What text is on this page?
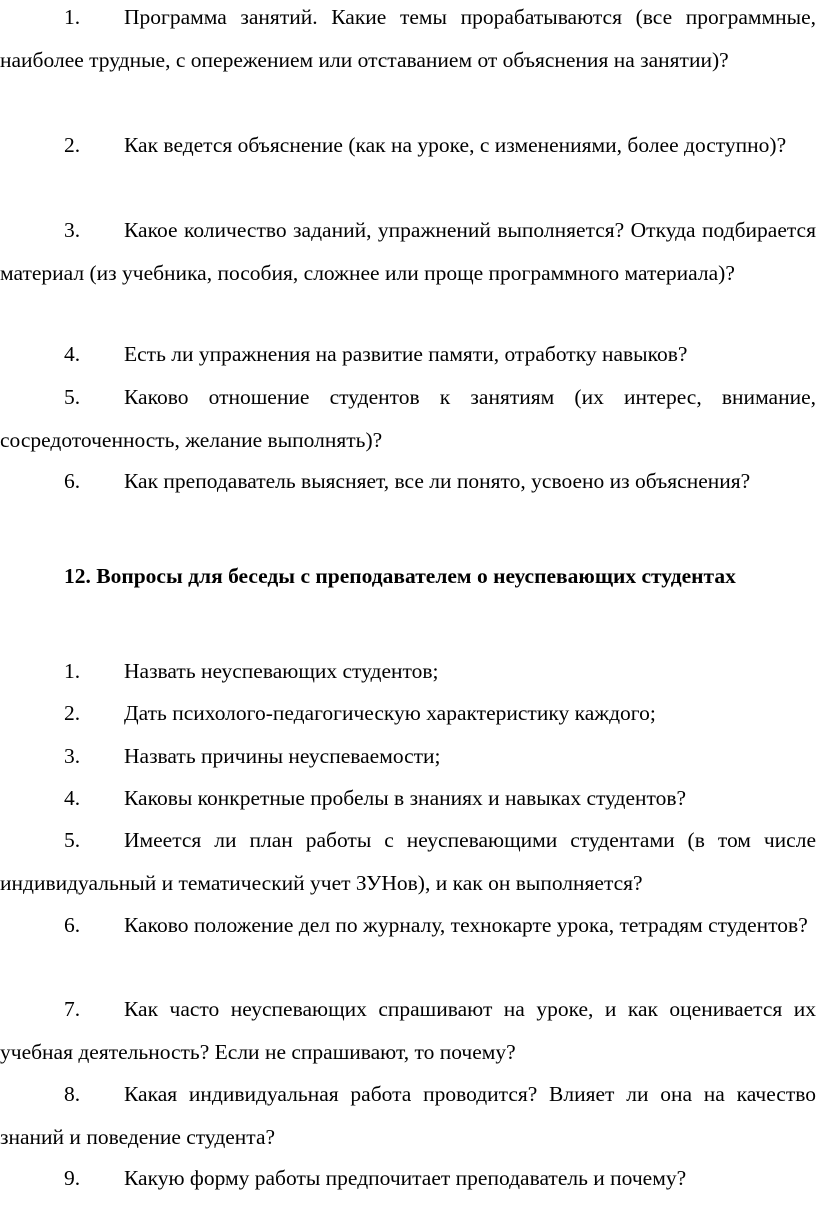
1.	Программа занятий. Какие темы прорабатываются (все программные, наиболее трудные, с опережением или отставанием от объяснения на занятии)?
2.	Как ведется объяснение (как на уроке, с изменениями, более доступно)?
3.	Какое количество заданий, упражнений выполняется? Откуда подбирается материал (из учебника, пособия, сложнее или проще программного материала)?
4.	Есть ли упражнения на развитие памяти, отработку навыков?
5.	Каково отношение студентов к занятиям (их интерес, внимание, сосредоточенность, желание выполнять)?
6.	Как преподаватель выясняет, все ли понято, усвоено из объяснения?
12. Вопросы для беседы с преподавателем о неуспевающих студентах
1.	Назвать неуспевающих студентов;
2.	Дать психолого-педагогическую характеристику каждого;
3.	Назвать причины неуспеваемости;
4.	Каковы конкретные пробелы в знаниях и навыках студентов?
5.	Имеется ли план работы с неуспевающими студентами (в том числе индивидуальный и тематический учет ЗУНов), и как он выполняется?
6.	Каково положение дел по журналу, технокарте урока, тетрадям студентов?
7.	Как часто неуспевающих спрашивают на уроке, и как оценивается их учебная деятельность? Если не спрашивают, то почему?
8.	Какая индивидуальная работа проводится? Влияет ли она на качество знаний и поведение студента?
9.	Какую форму работы предпочитает преподаватель и почему?
